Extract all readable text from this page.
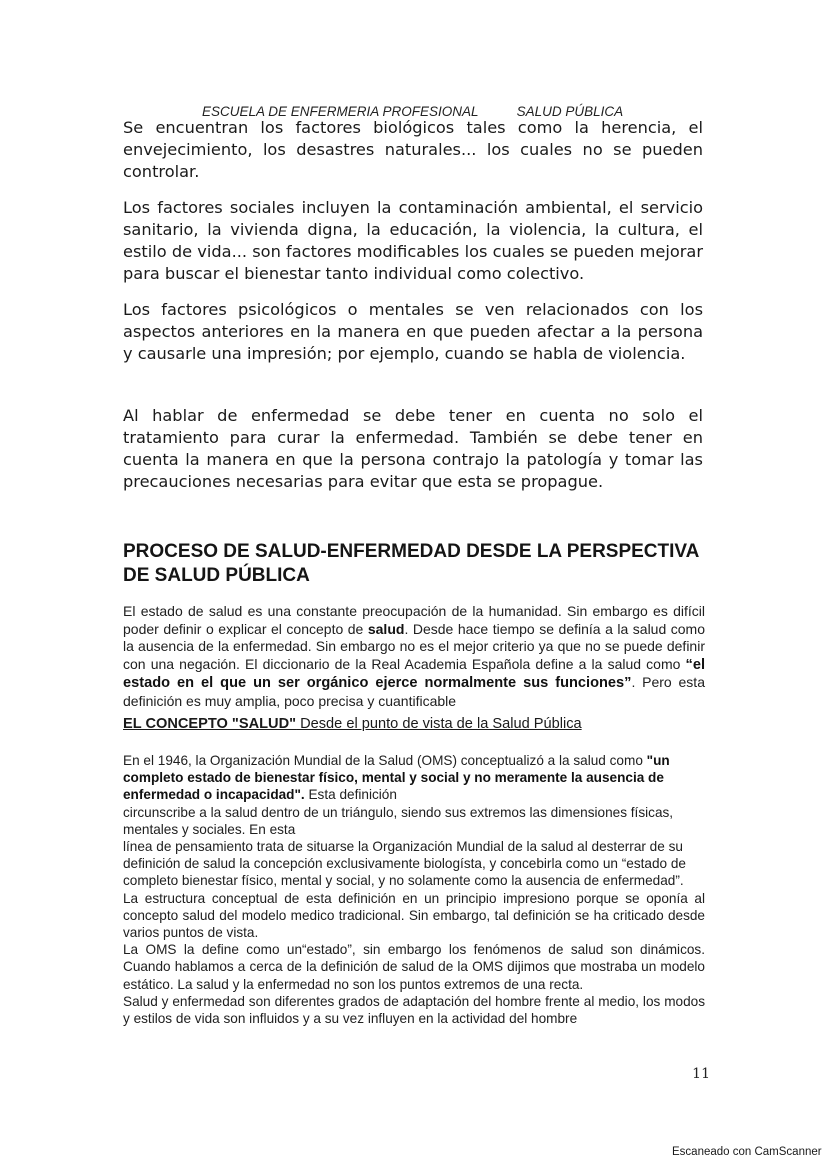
ESCUELA DE ENFERMERIA PROFESIONAL	SALUD PÚBLICA

Se encuentran los factores biológicos tales como la herencia, el envejecimiento, los desastres naturales... los cuales no se pueden controlar.

Los factores sociales incluyen la contaminación ambiental, el servicio sanitario, la vivienda digna, la educación, la violencia, la cultura, el estilo de vida... son factores modificables los cuales se pueden mejorar para buscar el bienestar tanto individual como colectivo.

Los factores psicológicos o mentales se ven relacionados con los aspectos anteriores en la manera en que pueden afectar a la persona y causarle una impresión; por ejemplo, cuando se habla de violencia.

Al hablar de enfermedad se debe tener en cuenta no solo el tratamiento para curar la enfermedad. También se debe tener en cuenta la manera en que la persona contrajo la patología y tomar las precauciones necesarias para evitar que esta se propague.

PROCESO DE SALUD-ENFERMEDAD DESDE LA PERSPECTIVA DE SALUD PÚBLICA

El estado de salud es una constante preocupación de la humanidad. Sin embargo es difícil poder definir o explicar el concepto de salud. Desde hace tiempo se definía a la salud como la ausencia de la enfermedad. Sin embargo no es el mejor criterio ya que no se puede definir con una negación. El diccionario de la Real Academia Española define a la salud como “el estado en el que un ser orgánico ejerce normalmente sus funciones”. Pero esta definición es muy amplia, poco precisa y cuantificable

EL CONCEPTO "SALUD" Desde el punto de vista de la Salud Pública

En el 1946, la Organización Mundial de la Salud (OMS) conceptualizó a la salud como "un completo estado de bienestar físico, mental y social y no meramente la ausencia de enfermedad o incapacidad". Esta definición

circunscribe a la salud dentro de un triángulo, siendo sus extremos las dimensiones físicas, mentales y sociales. En esta

línea de pensamiento trata de situarse la Organización Mundial de la salud al desterrar de su definición de salud la concepción exclusivamente biologísta, y concebirla como un “estado de completo bienestar físico, mental y social, y no solamente como la ausencia de enfermedad”.

La estructura conceptual de esta definición en un principio impresiono porque se oponía al concepto salud del modelo medico tradicional. Sin embargo, tal definición se ha criticado desde varios puntos de vista.

La OMS la define como un“estado”, sin embargo los fenómenos de salud son dinámicos. Cuando hablamos a cerca de la definición de salud de la OMS dijimos que mostraba un modelo estático. La salud y la enfermedad no son los puntos extremos de una recta.

Salud y enfermedad son diferentes grados de adaptación del hombre frente al medio, los modos y estilos de vida son influidos y a su vez influyen en la actividad del hombre

11
Escaneado con CamScanner
